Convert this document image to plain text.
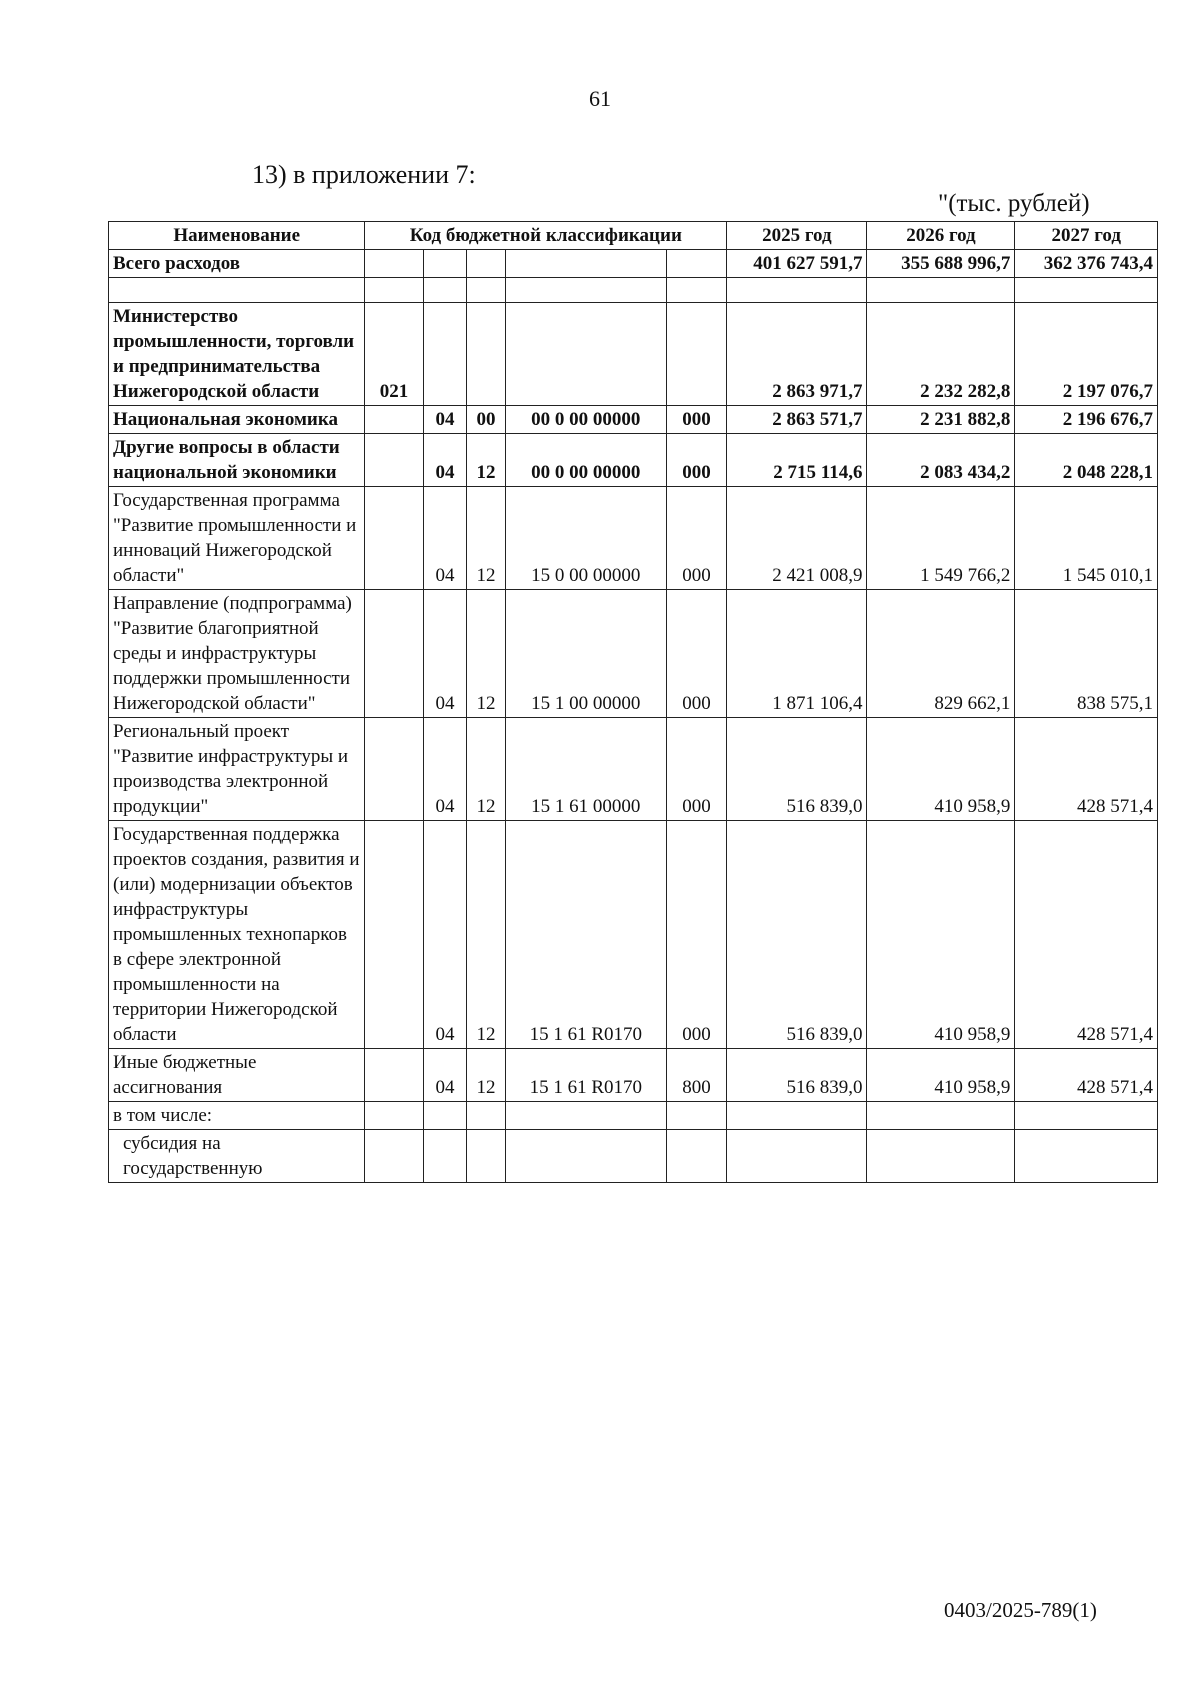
61
13) в приложении 7:
"(тыс. рублей)
Наименование	Код бюджетной классификации					2025 год	2026 год	2027 год
Всего расходов						401 627 591,7	355 688 996,7	362 376 743,4

Министерство промышленности, торговли и предпринимательства Нижегородской области	021					2 863 971,7	2 232 282,8	2 197 076,7
Национальная экономика		04	00	00 0 00 00000	000	2 863 571,7	2 231 882,8	2 196 676,7
Другие вопросы в области национальной экономики		04	12	00 0 00 00000	000	2 715 114,6	2 083 434,2	2 048 228,1
Государственная программа "Развитие промышленности и инноваций Нижегородской области"		04	12	15 0 00 00000	000	2 421 008,9	1 549 766,2	1 545 010,1
Направление (подпрограмма) "Развитие благоприятной среды и инфраструктуры поддержки промышленности Нижегородской области"		04	12	15 1 00 00000	000	1 871 106,4	829 662,1	838 575,1
Региональный проект "Развитие инфраструктуры и производства электронной продукции"		04	12	15 1 61 00000	000	516 839,0	410 958,9	428 571,4
Государственная поддержка проектов создания, развития и (или) модернизации объектов инфраструктуры промышленных технопарков в сфере электронной промышленности на территории Нижегородской области		04	12	15 1 61 R0170	000	516 839,0	410 958,9	428 571,4
Иные бюджетные ассигнования		04	12	15 1 61 R0170	800	516 839,0	410 958,9	428 571,4
в том числе:								
субсидия на государственную								
0403/2025-789(1)
